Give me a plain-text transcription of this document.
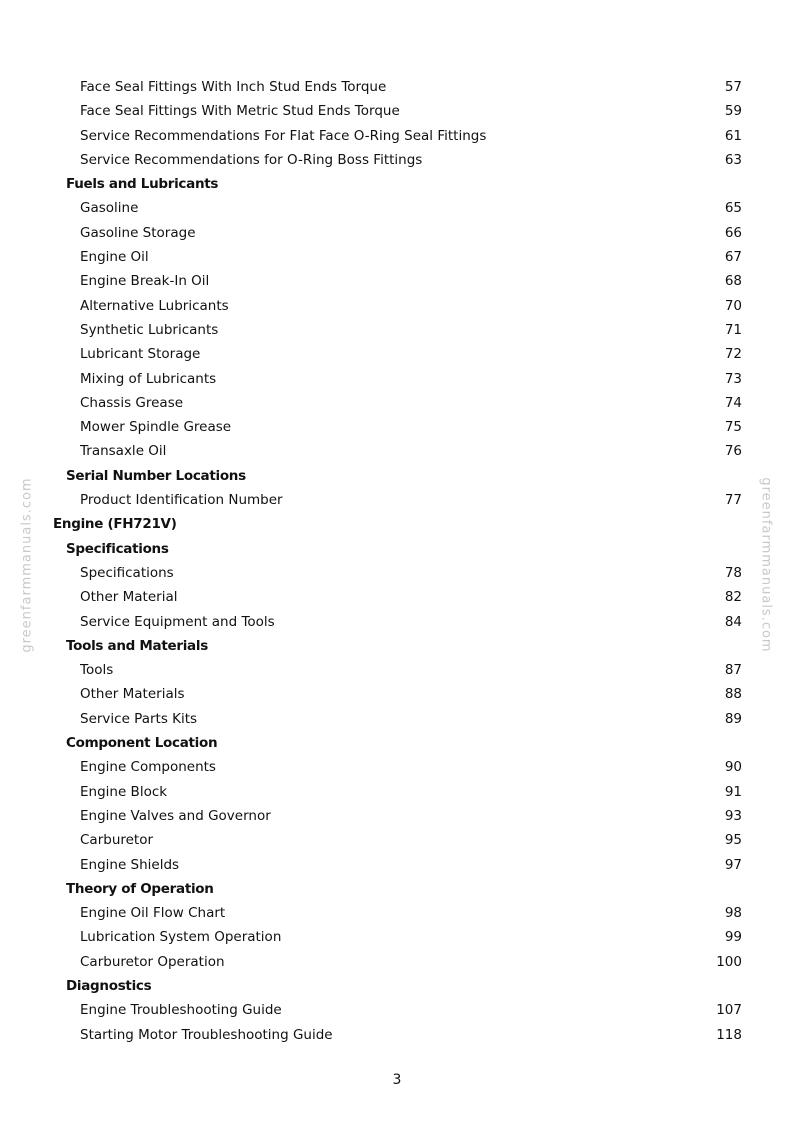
Face Seal Fittings With Inch Stud Ends Torque	57
Face Seal Fittings With Metric Stud Ends Torque	59
Service Recommendations For Flat Face O-Ring Seal Fittings	61
Service Recommendations for O-Ring Boss Fittings	63
Fuels and Lubricants
Gasoline	65
Gasoline Storage	66
Engine Oil	67
Engine Break-In Oil	68
Alternative Lubricants	70
Synthetic Lubricants	71
Lubricant Storage	72
Mixing of Lubricants	73
Chassis Grease	74
Mower Spindle Grease	75
Transaxle Oil	76
Serial Number Locations
Product Identification Number	77
Engine (FH721V)
Specifications
Specifications	78
Other Material	82
Service Equipment and Tools	84
Tools and Materials
Tools	87
Other Materials	88
Service Parts Kits	89
Component Location
Engine Components	90
Engine Block	91
Engine Valves and Governor	93
Carburetor	95
Engine Shields	97
Theory of Operation
Engine Oil Flow Chart	98
Lubrication System Operation	99
Carburetor Operation	100
Diagnostics
Engine Troubleshooting Guide	107
Starting Motor Troubleshooting Guide	118
greenfarmmanuals.com	greenfarmmanuals.com
3
